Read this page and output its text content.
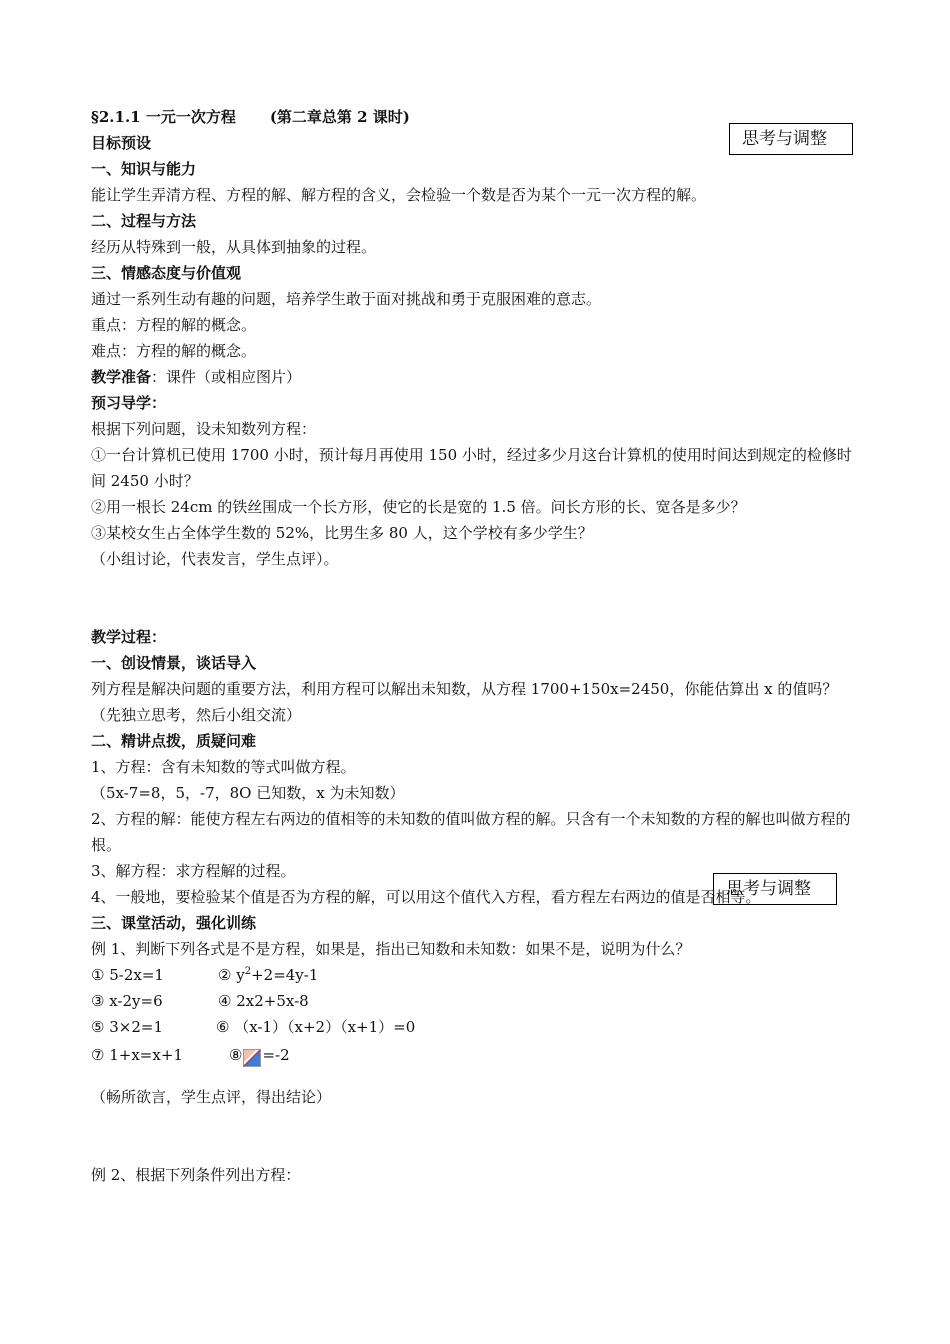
思考与调整
思考与调整
§2.1.1 一元一次方程 (第二章总第 2 课时)
目标预设
一、知识与能力
能让学生弄清方程、方程的解、解方程的含义，会检验一个数是否为某个一元一次方程的解。
二、过程与方法
经历从特殊到一般，从具体到抽象的过程。
三、情感态度与价值观
通过一系列生动有趣的问题，培养学生敢于面对挑战和勇于克服困难的意志。
重点：方程的解的概念。
难点：方程的解的概念。
教学准备：课件（或相应图片）
预习导学：
根据下列问题，设未知数列方程：
①一台计算机已使用 1700 小时，预计每月再使用 150 小时，经过多少月这台计算机的使用时间达到规定的检修时间 2450 小时？
②用一根长 24cm 的铁丝围成一个长方形，使它的长是宽的 1.5 倍。问长方形的长、宽各是多少？
③某校女生占全体学生数的 52%，比男生多 80 人，这个学校有多少学生？
（小组讨论，代表发言，学生点评）。
教学过程：
一、创设情景，谈话导入
列方程是解决问题的重要方法，利用方程可以解出未知数，从方程 1700+150x=2450，你能估算出 x 的值吗？
（先独立思考，然后小组交流）
二、精讲点拨，质疑问难
1、方程：含有未知数的等式叫做方程。
（5x-7=8，5，-7，8O 已知数，x 为未知数）
2、方程的解：能使方程左右两边的值相等的未知数的值叫做方程的解。只含有一个未知数的方程的解也叫做方程的根。
3、解方程：求方程解的过程。
4、一般地，要检验某个值是否为方程的解，可以用这个值代入方程，看方程左右两边的值是否相等。
三、课堂活动，强化训练
例 1、判断下列各式是不是方程，如果是，指出已知数和未知数：如果不是，说明为什么？
① 5-2x=1	② $y^2+2=4y-1$
③ x-2y=6	④ 2x2+5x-8
⑤ 3×2=1	⑥ （x-1）（x+2）（x+1）=0
⑦ 1+x=x+1	⑧ =-2
（畅所欲言，学生点评，得出结论）
例 2、根据下列条件列出方程：
